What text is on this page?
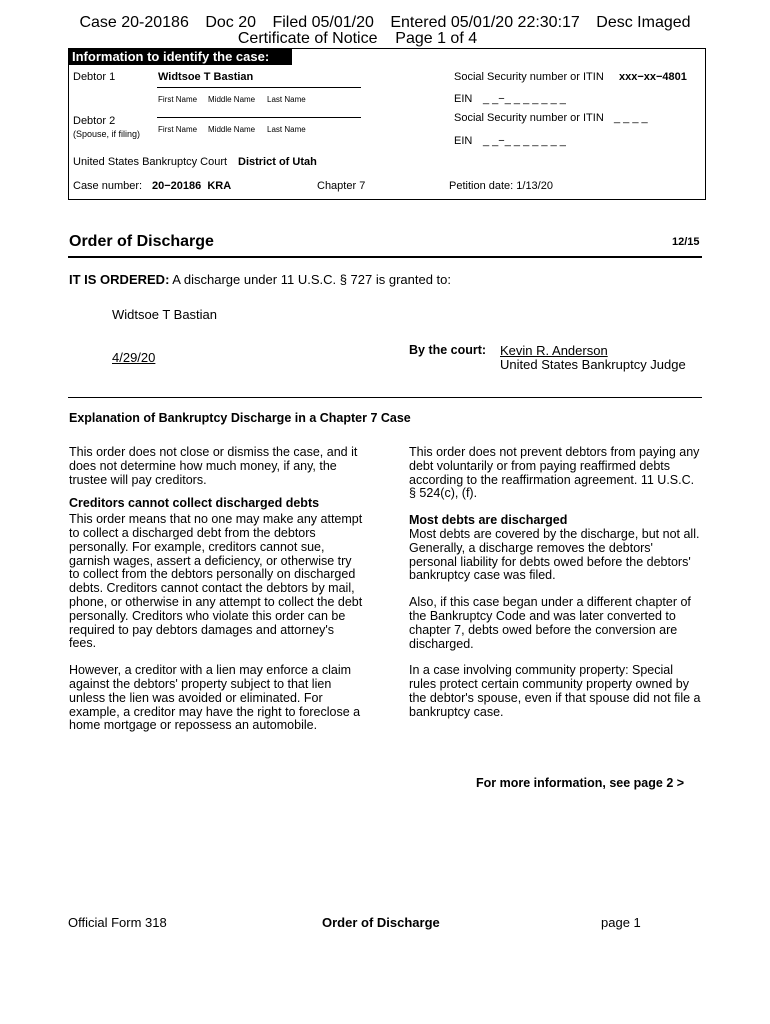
Case 20-20186 Doc 20 Filed 05/01/20 Entered 05/01/20 22:30:17 Desc Imaged
Certificate of Notice Page 1 of 4
Information to identify the case:
Debtor 1	Widtsoe T Bastian
First Name Middle Name Last Name
Social Security number or ITIN xxx−xx−4801
EIN _ _−_ _ _ _ _ _ _
Debtor 2
(Spouse, if filing) First Name Middle Name Last Name
Social Security number or ITIN _ _ _ _
EIN _ _−_ _ _ _ _ _ _
United States Bankruptcy Court District of Utah
Case number: 20−20186  KRA	Chapter 7	Petition date: 1/13/20
Order of Discharge	12/15
IT IS ORDERED: A discharge under 11 U.S.C. § 727 is granted to:
Widtsoe T Bastian
4/29/20	By the court: Kevin R. Anderson
United States Bankruptcy Judge
Explanation of Bankruptcy Discharge in a Chapter 7 Case

This order does not close or dismiss the case, and it does not determine how much money, if any, the trustee will pay creditors.

Creditors cannot collect discharged debts

This order means that no one may make any attempt to collect a discharged debt from the debtors personally. For example, creditors cannot sue, garnish wages, assert a deficiency, or otherwise try to collect from the debtors personally on discharged debts. Creditors cannot contact the debtors by mail, phone, or otherwise in any attempt to collect the debt personally. Creditors who violate this order can be required to pay debtors damages and attorney's fees.

However, a creditor with a lien may enforce a claim against the debtors' property subject to that lien unless the lien was avoided or eliminated. For example, a creditor may have the right to foreclose a home mortgage or repossess an automobile.

This order does not prevent debtors from paying any debt voluntarily or from paying reaffirmed debts according to the reaffirmation agreement. 11 U.S.C. § 524(c), (f).

Most debts are discharged

Most debts are covered by the discharge, but not all. Generally, a discharge removes the debtors' personal liability for debts owed before the debtors' bankruptcy case was filed.

Also, if this case began under a different chapter of the Bankruptcy Code and was later converted to chapter 7, debts owed before the conversion are discharged.

In a case involving community property: Special rules protect certain community property owned by the debtor's spouse, even if that spouse did not file a bankruptcy case.

For more information, see page 2 >
Official Form 318	Order of Discharge	page 1
